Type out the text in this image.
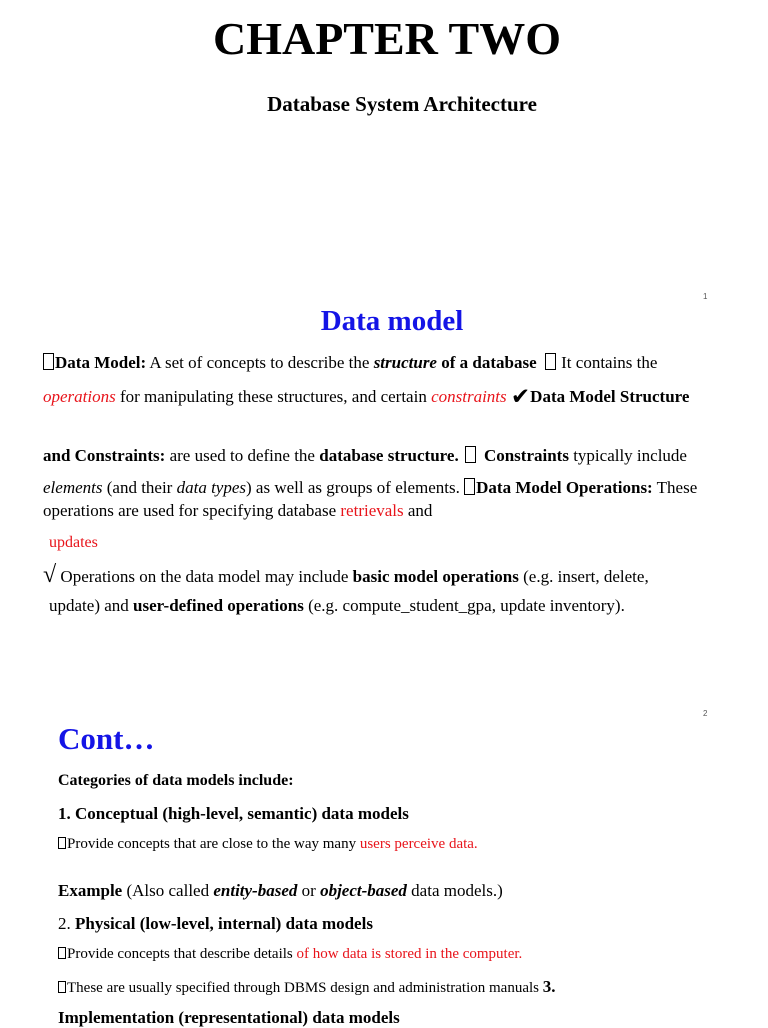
CHAPTER TWO
Database System Architecture
1
Data model
Data Model: A set of concepts to describe the structure of a database  It contains the
operations for manipulating these structures, and certain constraints ✔Data Model Structure
and Constraints: are used to define the database structure. Constraints typically include
elements (and their data types) as well as groups of elements. Data Model Operations: These
operations are used for specifying database retrievals and
updates
√ Operations on the data model may include basic model operations (e.g. insert, delete,
update) and user-defined operations (e.g. compute_student_gpa, update inventory).
2
Cont…
Categories of data models include:
1. Conceptual (high-level, semantic) data models
Provide concepts that are close to the way many users perceive data.
Example (Also called entity-based or object-based data models.)
2. Physical (low-level, internal) data models
Provide concepts that describe details of how data is stored in the computer.
These are usually specified through DBMS design and administration manuals 3.
Implementation (representational) data models
